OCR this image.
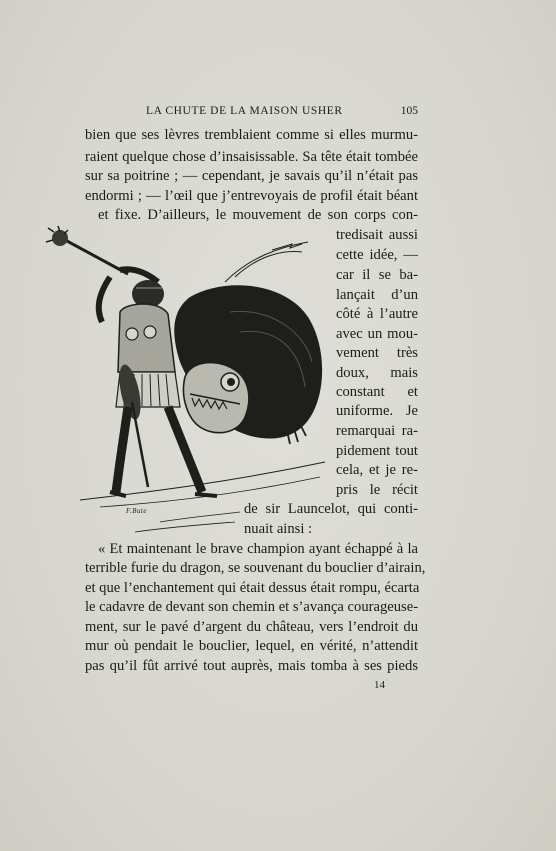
LA CHUTE DE LA MAISON USHER	105
bien que ses lèvres tremblaient comme si elles murmu-
raient quelque chose d’insaisissable. Sa tête était tombée
sur sa poitrine ; — cependant, je savais qu’il n’était pas
endormi ; — l’œil que j’entrevoyais de profil était béant
et fixe. D’ailleurs, le mouvement de son corps con-
tredisait aussi
cette idée, —
car il se ba-
lançait d’un
côté à l’autre
avec un mou-
vement très
doux, mais
constant et
uniforme. Je
remarquai ra-
pidement tout
cela, et je re-
pris le récit
de sir Launcelot, qui conti-
nuait ainsi :
« Et maintenant le brave champion ayant échappé à la
terrible furie du dragon, se souvenant du bouclier d’airain,
et que l’enchantement qui était dessus était rompu, écarta
le cadavre de devant son chemin et s’avança courageuse-
ment, sur le pavé d’argent du château, vers l’endroit du
mur où pendait le bouclier, lequel, en vérité, n’attendit
pas qu’il fût arrivé tout auprès, mais tomba à ses pieds
14
F.Bute
